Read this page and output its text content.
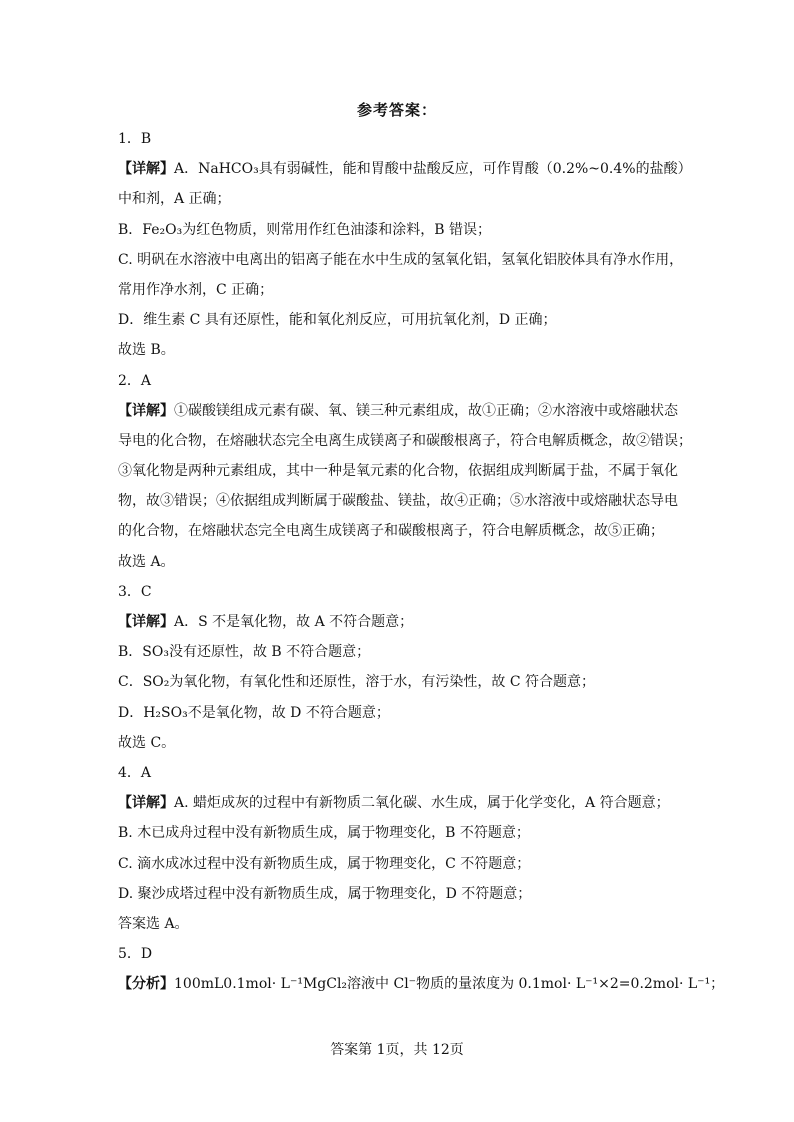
参考答案：
1．B
【详解】A．NaHCO₃具有弱碱性，能和胃酸中盐酸反应，可作胃酸（0.2%~0.4%的盐酸）
中和剂，A 正确；
B．Fe₂O₃为红色物质，则常用作红色油漆和涂料，B 错误；
C. 明矾在水溶液中电离出的铝离子能在水中生成的氢氧化铝，氢氧化铝胶体具有净水作用，
常用作净水剂，C 正确；
D．维生素 C 具有还原性，能和氧化剂反应，可用抗氧化剂，D 正确；
故选 B。
2．A
【详解】①碳酸镁组成元素有碳、氧、镁三种元素组成，故①正确；②水溶液中或熔融状态
导电的化合物，在熔融状态完全电离生成镁离子和碳酸根离子，符合电解质概念，故②错误；
③氧化物是两种元素组成，其中一种是氧元素的化合物，依据组成判断属于盐，不属于氧化
物，故③错误；④依据组成判断属于碳酸盐、镁盐，故④正确；⑤水溶液中或熔融状态导电
的化合物，在熔融状态完全电离生成镁离子和碳酸根离子，符合电解质概念，故⑤正确；
故选 A。
3．C
【详解】A．S 不是氧化物，故 A 不符合题意；
B．SO₃没有还原性，故 B 不符合题意；
C．SO₂为氧化物，有氧化性和还原性，溶于水，有污染性，故 C 符合题意；
D．H₂SO₃不是氧化物，故 D 不符合题意；
故选 C。
4．A
【详解】A. 蜡炬成灰的过程中有新物质二氧化碳、水生成，属于化学变化，A 符合题意；
B. 木已成舟过程中没有新物质生成，属于物理变化，B 不符题意；
C. 滴水成冰过程中没有新物质生成，属于物理变化，C 不符题意；
D. 聚沙成塔过程中没有新物质生成，属于物理变化，D 不符题意；
答案选 A。
5．D
【分析】100mL0.1mol· L⁻¹MgCl₂溶液中 Cl⁻物质的量浓度为 0.1mol· L⁻¹×2=0.2mol· L⁻¹；
答案第 1页，共 12页
